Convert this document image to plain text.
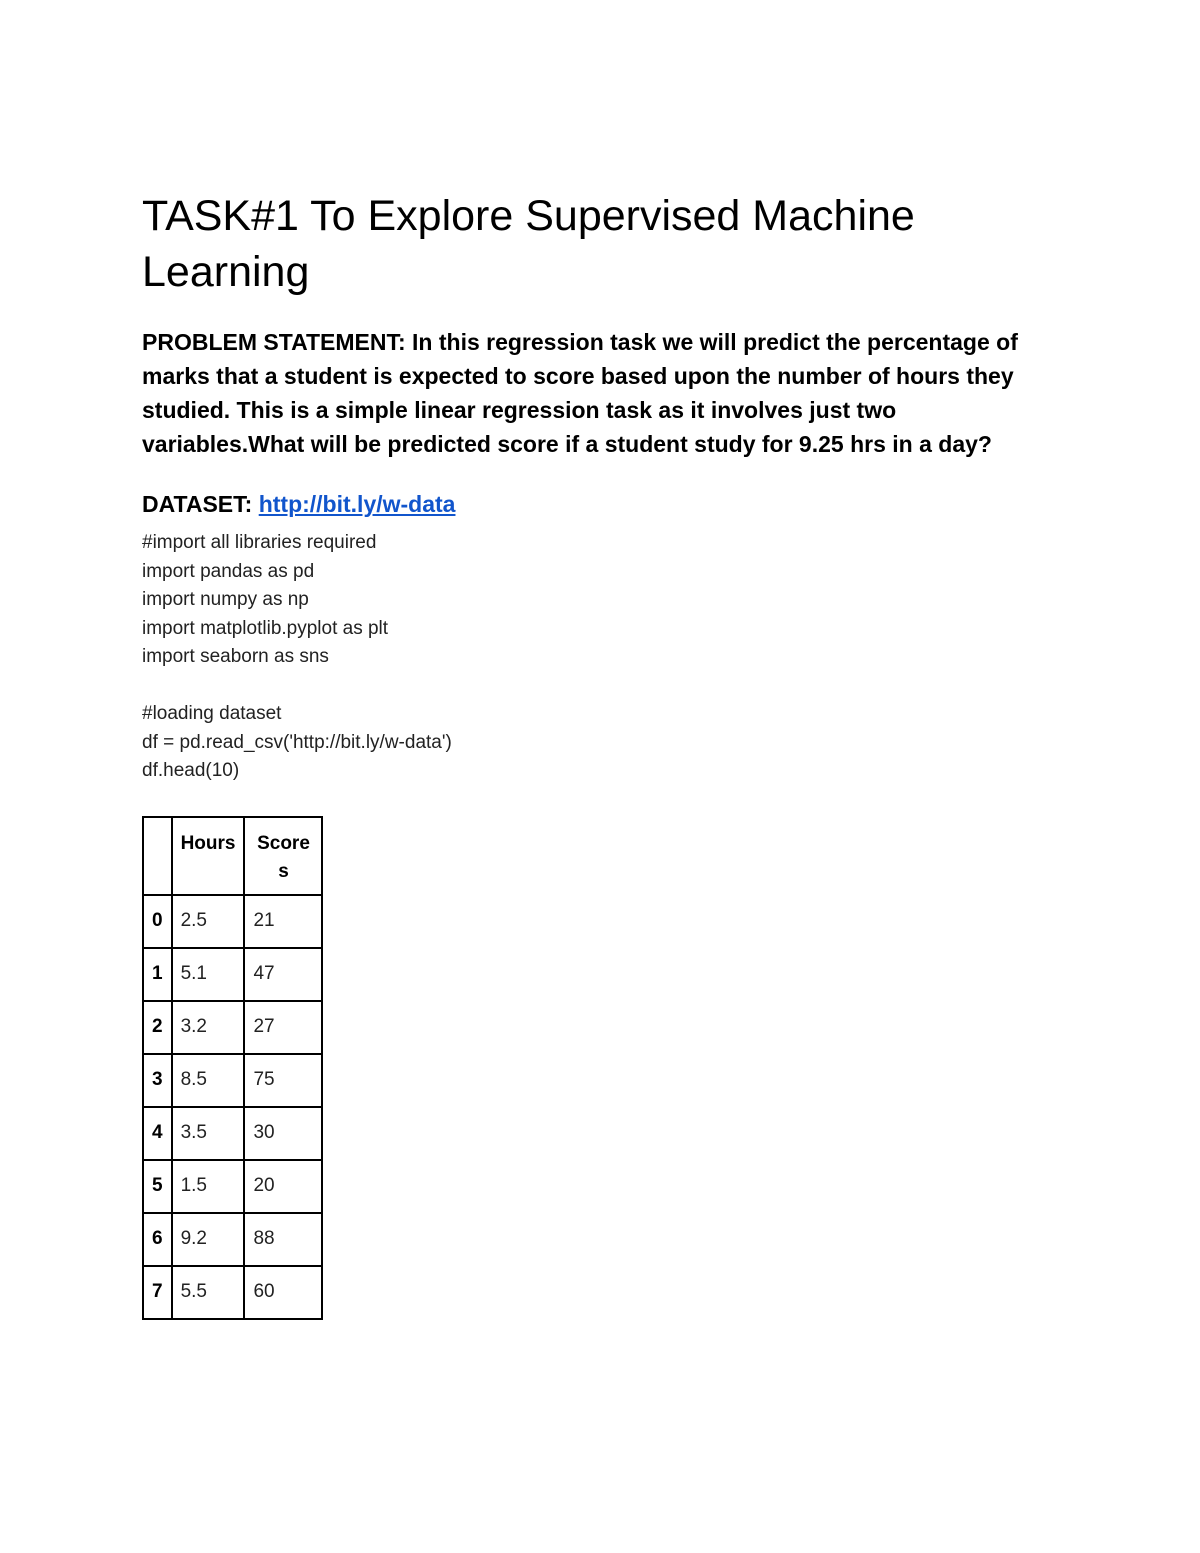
TASK#1 To Explore Supervised Machine Learning
PROBLEM STATEMENT: In this regression task we will predict the percentage of marks that a student is expected to score based upon the number of hours they studied. This is a simple linear regression task as it involves just two variables.What will be predicted score if a student study for 9.25 hrs in a day?
DATASET: http://bit.ly/w-data
#import all libraries required
import pandas as pd
import numpy as np
import matplotlib.pyplot as plt
import seaborn as sns
#loading dataset
df = pd.read_csv('http://bit.ly/w-data')
df.head(10)
	Hours	Scores
0	2.5	21
1	5.1	47
2	3.2	27
3	8.5	75
4	3.5	30
5	1.5	20
6	9.2	88
7	5.5	60
